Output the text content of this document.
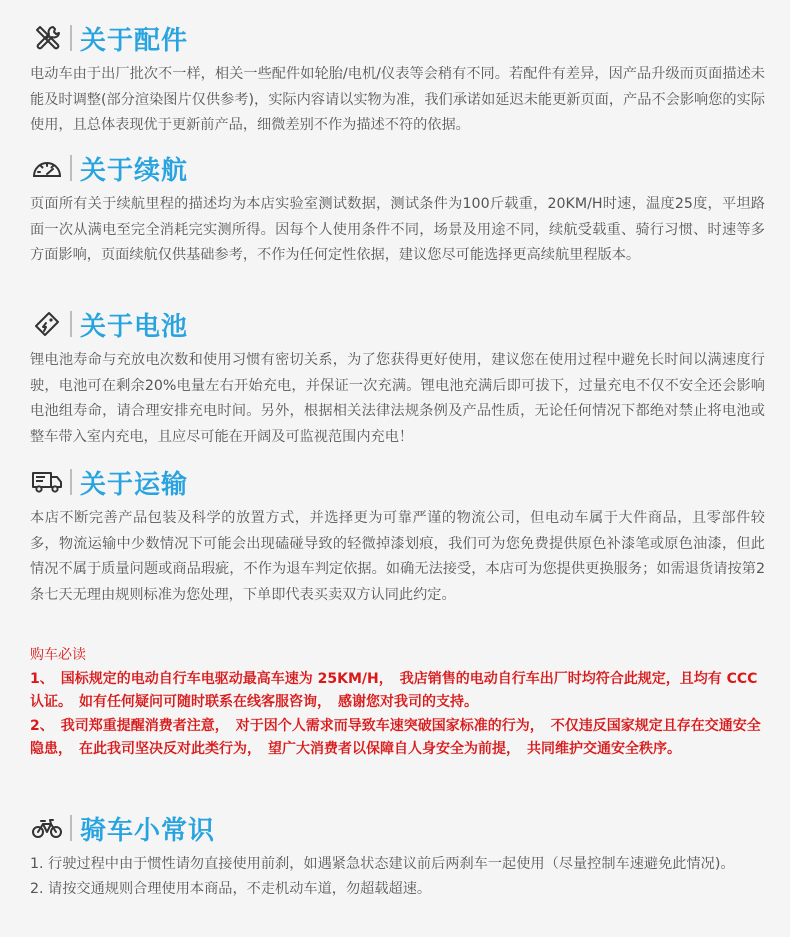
关于配件
电动车由于出厂批次不一样，相关一些配件如轮胎/电机/仪表等会稍有不同。若配件有差异，因产品升级而页面描述未能及时调整(部分渲染图片仅供参考)，实际内容请以实物为准，我们承诺如延迟未能更新页面，产品不会影响您的实际使用，且总体表现优于更新前产品，细微差别不作为描述不符的依据。
关于续航
页面所有关于续航里程的描述均为本店实验室测试数据，测试条件为100斤载重，20KM/H时速，温度25度，平坦路面一次从满电至完全消耗完实测所得。因每个人使用条件不同，场景及用途不同，续航受载重、骑行习惯、时速等多方面影响，页面续航仅供基础参考，不作为任何定性依据，建议您尽可能选择更高续航里程版本。
关于电池
锂电池寿命与充放电次数和使用习惯有密切关系，为了您获得更好使用，建议您在使用过程中避免长时间以满速度行驶，电池可在剩余20%电量左右开始充电，并保证一次充满。锂电池充满后即可拔下，过量充电不仅不安全还会影响电池组寿命，请合理安排充电时间。另外，根据相关法律法规条例及产品性质，无论任何情况下都绝对禁止将电池或整车带入室内充电，且应尽可能在开阔及可监视范围内充电！
关于运输
本店不断完善产品包装及科学的放置方式，并选择更为可靠严谨的物流公司，但电动车属于大件商品，且零部件较多，物流运输中少数情况下可能会出现磕碰导致的轻微掉漆划痕，我们可为您免费提供原色补漆笔或原色油漆，但此情况不属于质量问题或商品瑕疵，不作为退车判定依据。如确无法接受，本店可为您提供更换服务；如需退货请按第2条七天无理由规则标准为您处理，下单即代表买卖双方认同此约定。

购车必读

1、　国标规定的电动自行车电驱动最高车速为 25KM/H，　我店销售的电动自行车出厂时均符合此规定，且均有 CCC 认证。　如有任何疑问可随时联系在线客服咨询，　感谢您对我司的支持。

2、　我司郑重提醒消费者注意，　对于因个人需求而导致车速突破国家标准的行为，　不仅违反国家规定且存在交通安全隐患，　在此我司坚决反对此类行为，　望广大消费者以保障自人身安全为前提，　共同维护交通安全秩序。

骑车小常识

1. 行驶过程中由于惯性请勿直接使用前刹，如遇紧急状态建议前后两刹车一起使用（尽量控制车速避免此情况)。

2. 请按交通规则合理使用本商品，不走机动车道，勿超载超速。
